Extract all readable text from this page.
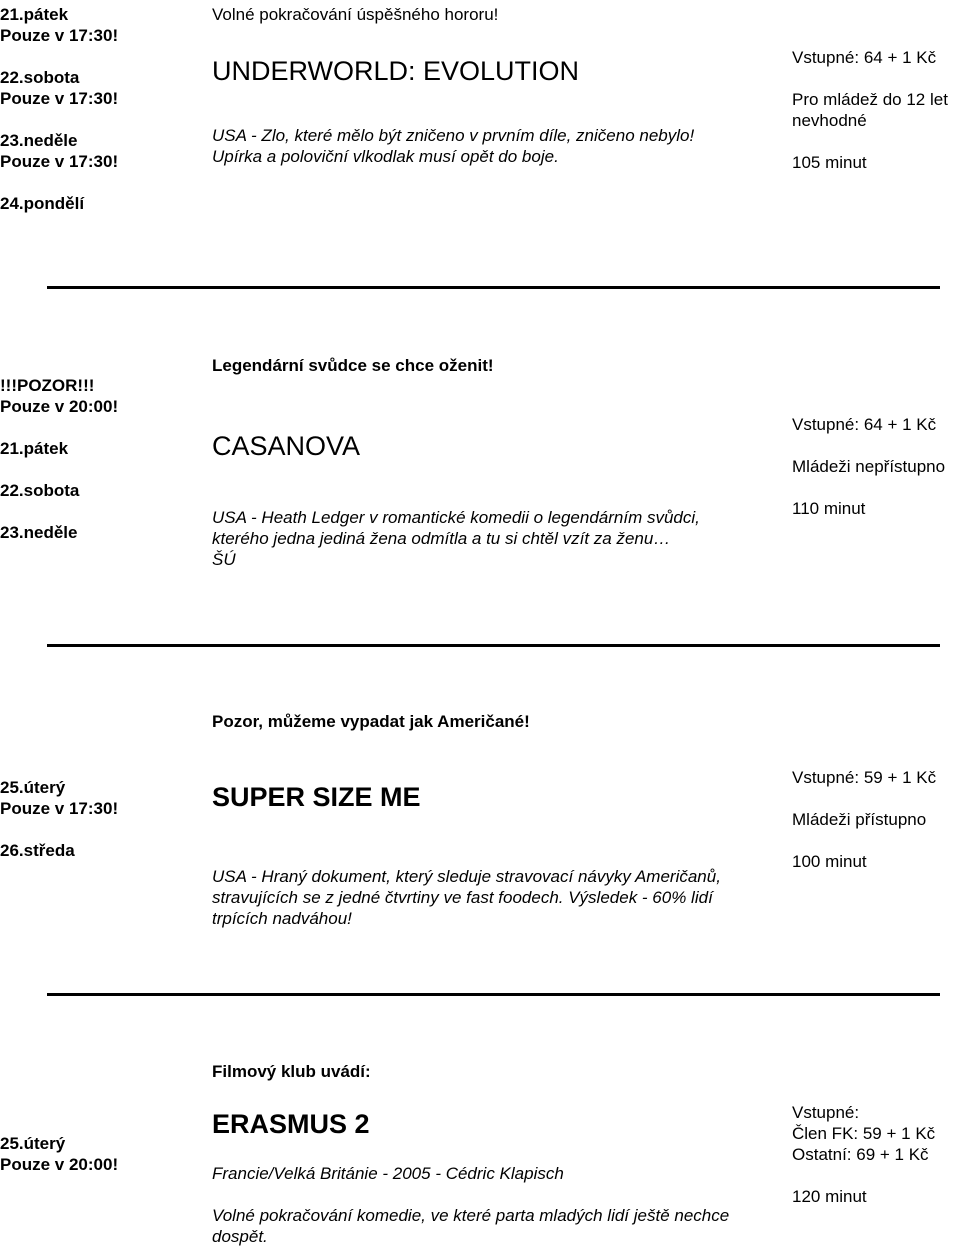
21.pátek
Pouze v 17:30!
22.sobota
Pouze v 17:30!
23.neděle
Pouze v 17:30!
24.pondělí
Volné pokračování úspěšného hororu!
UNDERWORLD: EVOLUTION
USA - Zlo, které mělo být zničeno v prvním díle, zničeno nebylo!
Upírka a poloviční vlkodlak musí opět do boje.
Vstupné: 64 + 1 Kč
Pro mládež do 12 let
nevhodné
105 minut
!!!POZOR!!!
Pouze v 20:00!
21.pátek
22.sobota
23.neděle
Legendární svůdce se chce oženit!
CASANOVA
USA - Heath Ledger v romantické komedii o legendárním svůdci,
kterého jedna jediná žena odmítla a tu si chtěl vzít za ženu…
ŠÚ
Vstupné: 64 + 1 Kč
Mládeži nepřístupno
110 minut
Pozor, můžeme vypadat jak Američané!
25.úterý
Pouze v 17:30!
26.středa
SUPER SIZE ME
USA - Hraný dokument, který sleduje stravovací návyky Američanů,
stravujících se z jedné čtvrtiny ve fast foodech. Výsledek - 60% lidí
trpících nadváhou!
Vstupné: 59 + 1 Kč
Mládeži přístupno
100 minut
Filmový klub uvádí:
25.úterý
Pouze v 20:00!
ERASMUS 2
Francie/Velká Británie - 2005 - Cédric Klapisch
Volné pokračování komedie, ve které parta mladých lidí ještě nechce
dospět.
Vstupné:
Člen FK: 59 + 1 Kč
Ostatní: 69 + 1 Kč
120 minut
